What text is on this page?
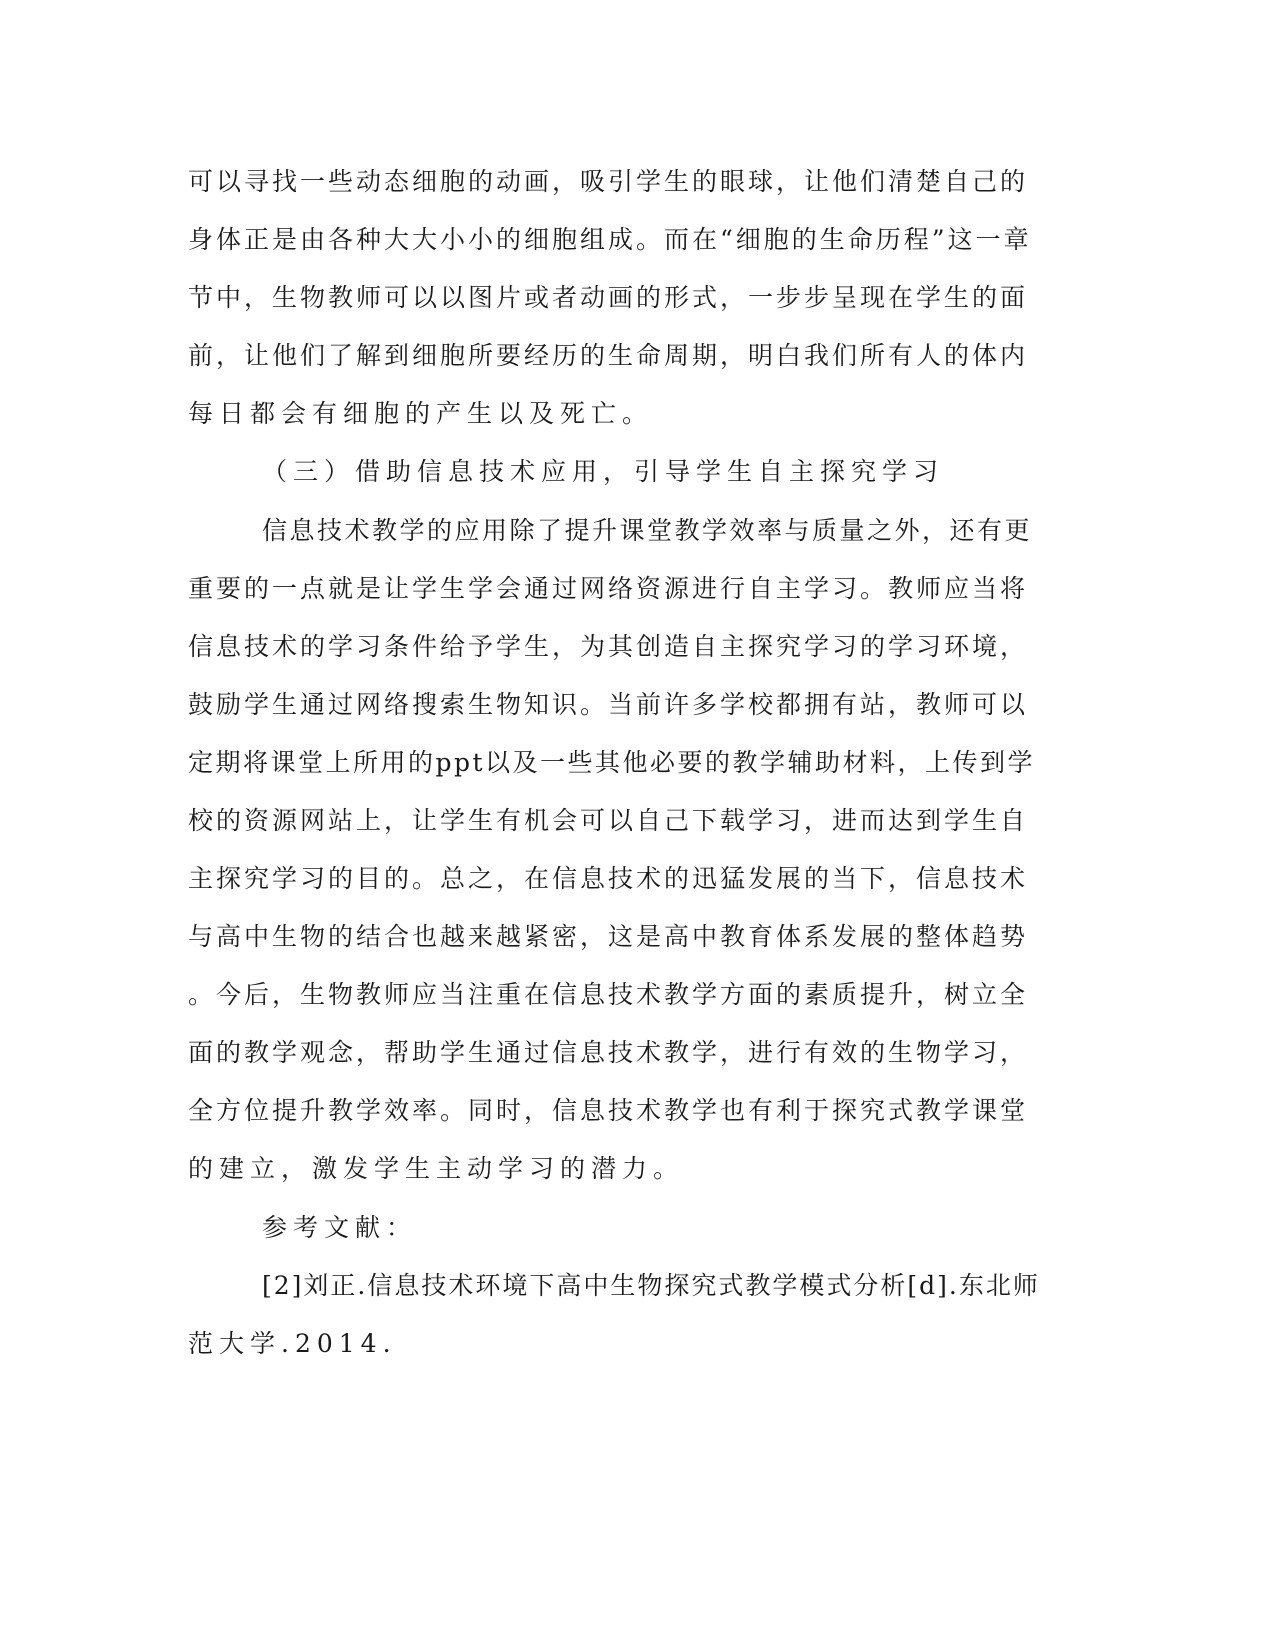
可以寻找一些动态细胞的动画，吸引学生的眼球，让他们清楚自己的

身体正是由各种大大小小的细胞组成。而在“细胞的生命历程”这一章

节中，生物教师可以以图片或者动画的形式，一步步呈现在学生的面

前，让他们了解到细胞所要经历的生命周期，明白我们所有人的体内

每日都会有细胞的产生以及死亡。

（三）借助信息技术应用，引导学生自主探究学习

信息技术教学的应用除了提升课堂教学效率与质量之外，还有更

重要的一点就是让学生学会通过网络资源进行自主学习。教师应当将

信息技术的学习条件给予学生，为其创造自主探究学习的学习环境，

鼓励学生通过网络搜索生物知识。当前许多学校都拥有站，教师可以

定期将课堂上所用的ppt以及一些其他必要的教学辅助材料，上传到学

校的资源网站上，让学生有机会可以自己下载学习，进而达到学生自

主探究学习的目的。总之，在信息技术的迅猛发展的当下，信息技术

与高中生物的结合也越来越紧密，这是高中教育体系发展的整体趋势

。今后，生物教师应当注重在信息技术教学方面的素质提升，树立全

面的教学观念，帮助学生通过信息技术教学，进行有效的生物学习，

全方位提升教学效率。同时，信息技术教学也有利于探究式教学课堂

的建立，激发学生主动学习的潜力。

参考文献：

[2]刘正.信息技术环境下高中生物探究式教学模式分析[d].东北师

范大学.2014.
